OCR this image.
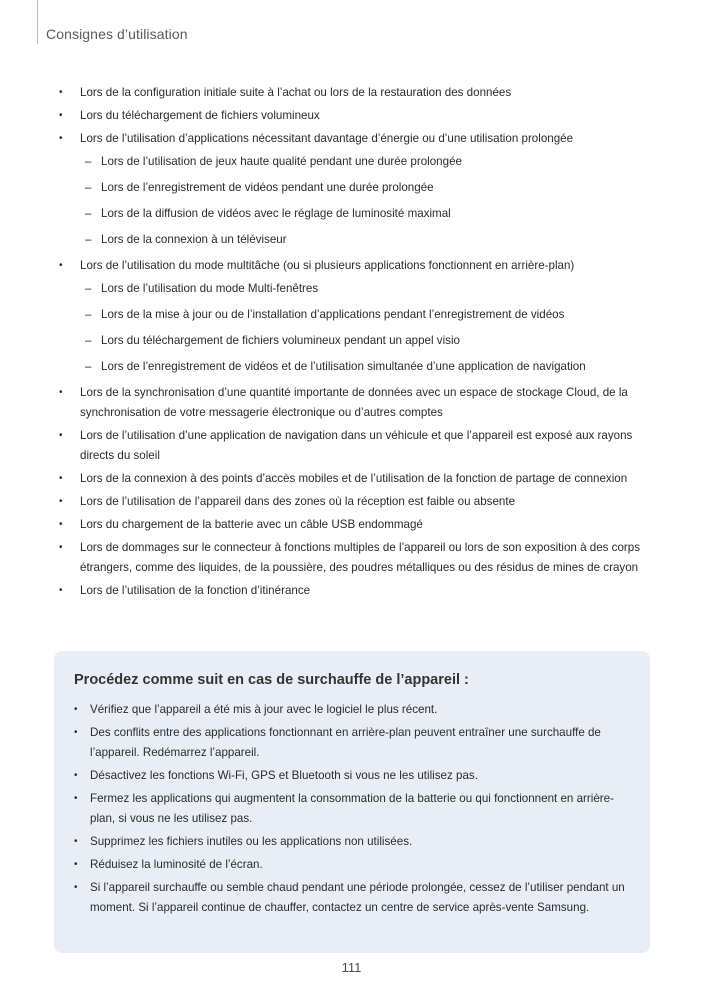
Consignes d’utilisation
• Lors de la configuration initiale suite à l’achat ou lors de la restauration des données
• Lors du téléchargement de fichiers volumineux
• Lors de l’utilisation d’applications nécessitant davantage d’énergie ou d’une utilisation prolongée
– Lors de l’utilisation de jeux haute qualité pendant une durée prolongée
– Lors de l’enregistrement de vidéos pendant une durée prolongée
– Lors de la diffusion de vidéos avec le réglage de luminosité maximal
– Lors de la connexion à un téléviseur
• Lors de l’utilisation du mode multitâche (ou si plusieurs applications fonctionnent en arrière-plan)
– Lors de l’utilisation du mode Multi-fenêtres
– Lors de la mise à jour ou de l’installation d’applications pendant l’enregistrement de vidéos
– Lors du téléchargement de fichiers volumineux pendant un appel visio
– Lors de l’enregistrement de vidéos et de l’utilisation simultanée d’une application de navigation
• Lors de la synchronisation d’une quantité importante de données avec un espace de stockage Cloud, de la synchronisation de votre messagerie électronique ou d’autres comptes
• Lors de l’utilisation d’une application de navigation dans un véhicule et que l’appareil est exposé aux rayons directs du soleil
• Lors de la connexion à des points d’accès mobiles et de l’utilisation de la fonction de partage de connexion
• Lors de l’utilisation de l’appareil dans des zones où la réception est faible ou absente
• Lors du chargement de la batterie avec un câble USB endommagé
• Lors de dommages sur le connecteur à fonctions multiples de l’appareil ou lors de son exposition à des corps étrangers, comme des liquides, de la poussière, des poudres métalliques ou des résidus de mines de crayon
• Lors de l’utilisation de la fonction d’itinérance
Procédez comme suit en cas de surchauffe de l’appareil :
• Vérifiez que l’appareil a été mis à jour avec le logiciel le plus récent.
• Des conflits entre des applications fonctionnant en arrière-plan peuvent entraîner une surchauffe de l’appareil. Redémarrez l’appareil.
• Désactivez les fonctions Wi-Fi, GPS et Bluetooth si vous ne les utilisez pas.
• Fermez les applications qui augmentent la consommation de la batterie ou qui fonctionnent en arrière-plan, si vous ne les utilisez pas.
• Supprimez les fichiers inutiles ou les applications non utilisées.
• Réduisez la luminosité de l’écran.
• Si l’appareil surchauffe ou semble chaud pendant une période prolongée, cessez de l’utiliser pendant un moment. Si l’appareil continue de chauffer, contactez un centre de service après-vente Samsung.
111
